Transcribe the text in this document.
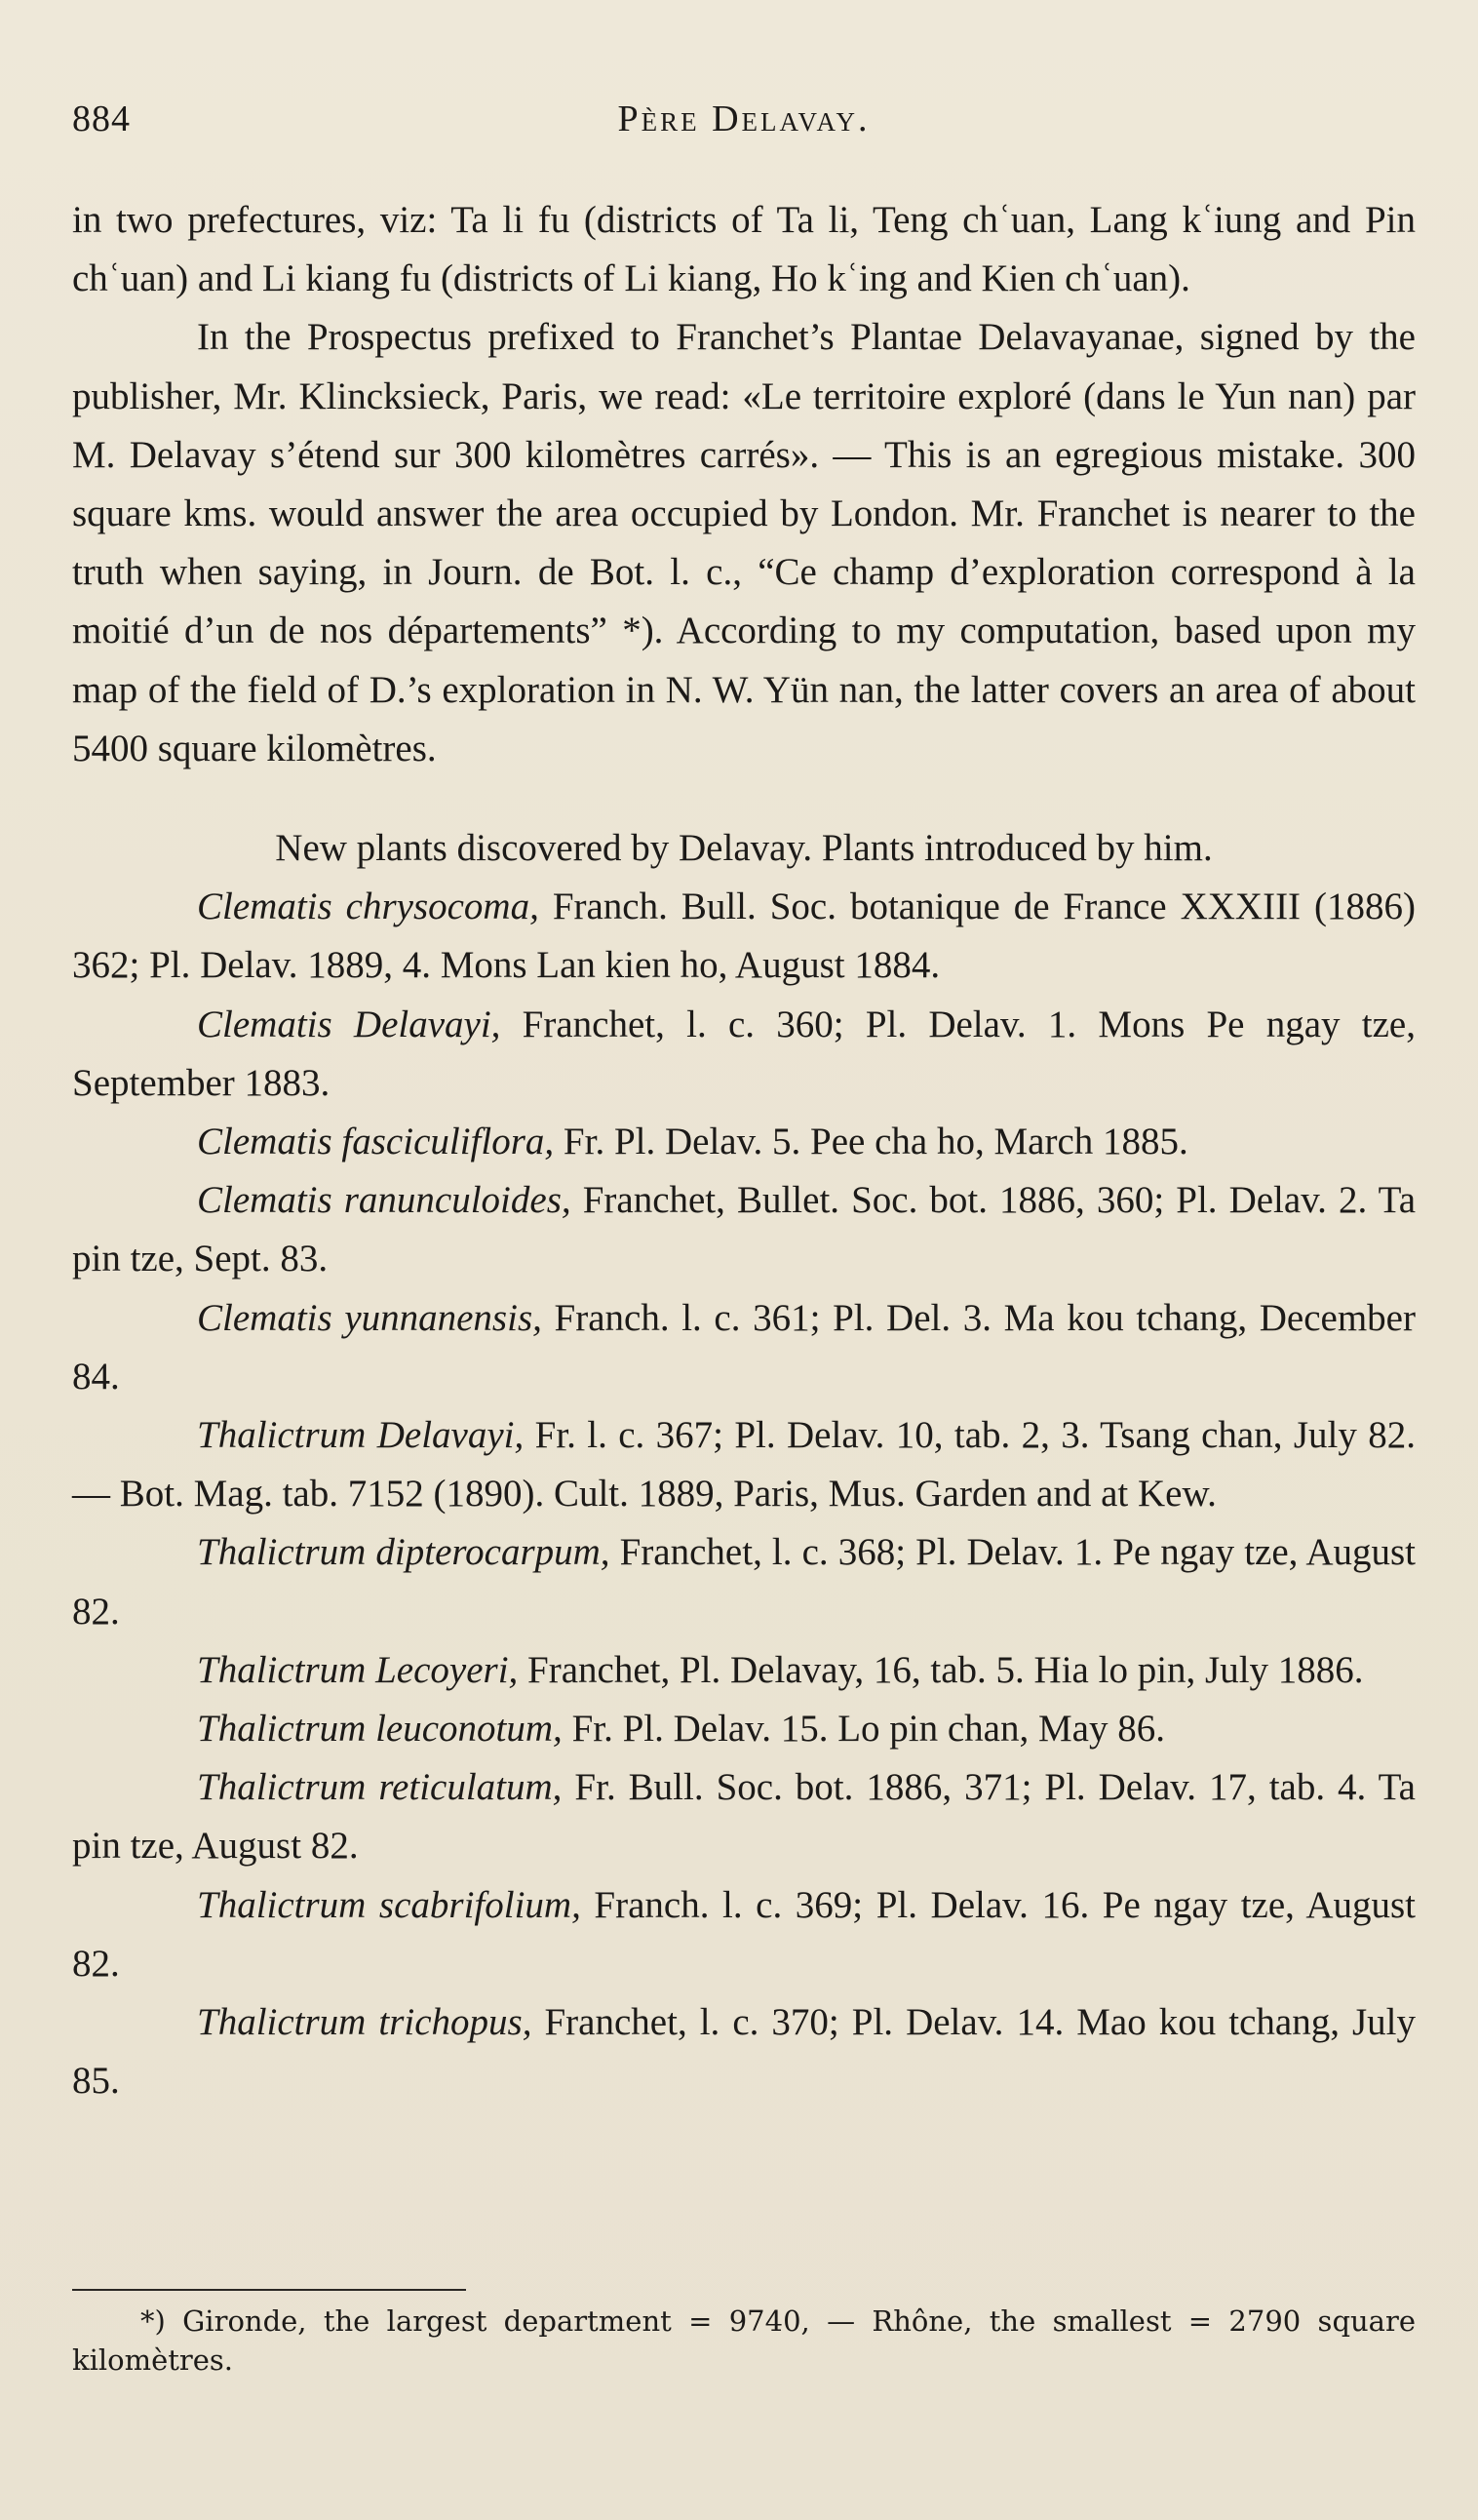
884	Père Delavay.

in two prefectures, viz: Ta li fu (districts of Ta li, Teng chʿuan, Lang kʿiung and Pin chʿuan) and Li kiang fu (districts of Li kiang, Ho kʿing and Kien chʿuan).

In the Prospectus prefixed to Franchet’s Plantae Delavayanae, signed by the publisher, Mr. Klincksieck, Paris, we read: «Le territoire exploré (dans le Yun nan) par M. Delavay s’étend sur 300 kilomètres carrés». — This is an egregious mistake. 300 square kms. would answer the area occupied by London. Mr. Franchet is nearer to the truth when saying, in Journ. de Bot. l. c., “Ce champ d’exploration correspond à la moitié d’un de nos départements” *). According to my computation, based upon my map of the field of D.’s exploration in N. W. Yün nan, the latter covers an area of about 5400 square kilomètres.

New plants discovered by Delavay. Plants introduced by him.

Clematis chrysocoma, Franch. Bull. Soc. botanique de France XXXIII (1886) 362; Pl. Delav. 1889, 4. Mons Lan kien ho, August 1884.

Clematis Delavayi, Franchet, l. c. 360; Pl. Delav. 1. Mons Pe ngay tze, September 1883.

Clematis fasciculiflora, Fr. Pl. Delav. 5. Pee cha ho, March 1885.

Clematis ranunculoides, Franchet, Bullet. Soc. bot. 1886, 360; Pl. Delav. 2. Ta pin tze, Sept. 83.

Clematis yunnanensis, Franch. l. c. 361; Pl. Del. 3. Ma kou tchang, December 84.

Thalictrum Delavayi, Fr. l. c. 367; Pl. Delav. 10, tab. 2, 3. Tsang chan, July 82. — Bot. Mag. tab. 7152 (1890). Cult. 1889, Paris, Mus. Garden and at Kew.

Thalictrum dipterocarpum, Franchet, l. c. 368; Pl. Delav. 1. Pe ngay tze, August 82.

Thalictrum Lecoyeri, Franchet, Pl. Delavay, 16, tab. 5. Hia lo pin, July 1886.

Thalictrum leuconotum, Fr. Pl. Delav. 15. Lo pin chan, May 86.

Thalictrum reticulatum, Fr. Bull. Soc. bot. 1886, 371; Pl. Delav. 17, tab. 4. Ta pin tze, August 82.

Thalictrum scabrifolium, Franch. l. c. 369; Pl. Delav. 16. Pe ngay tze, August 82.

Thalictrum trichopus, Franchet, l. c. 370; Pl. Delav. 14. Mao kou tchang, July 85.

*) Gironde, the largest department = 9740, — Rhône, the smallest = 2790 square kilomètres.
